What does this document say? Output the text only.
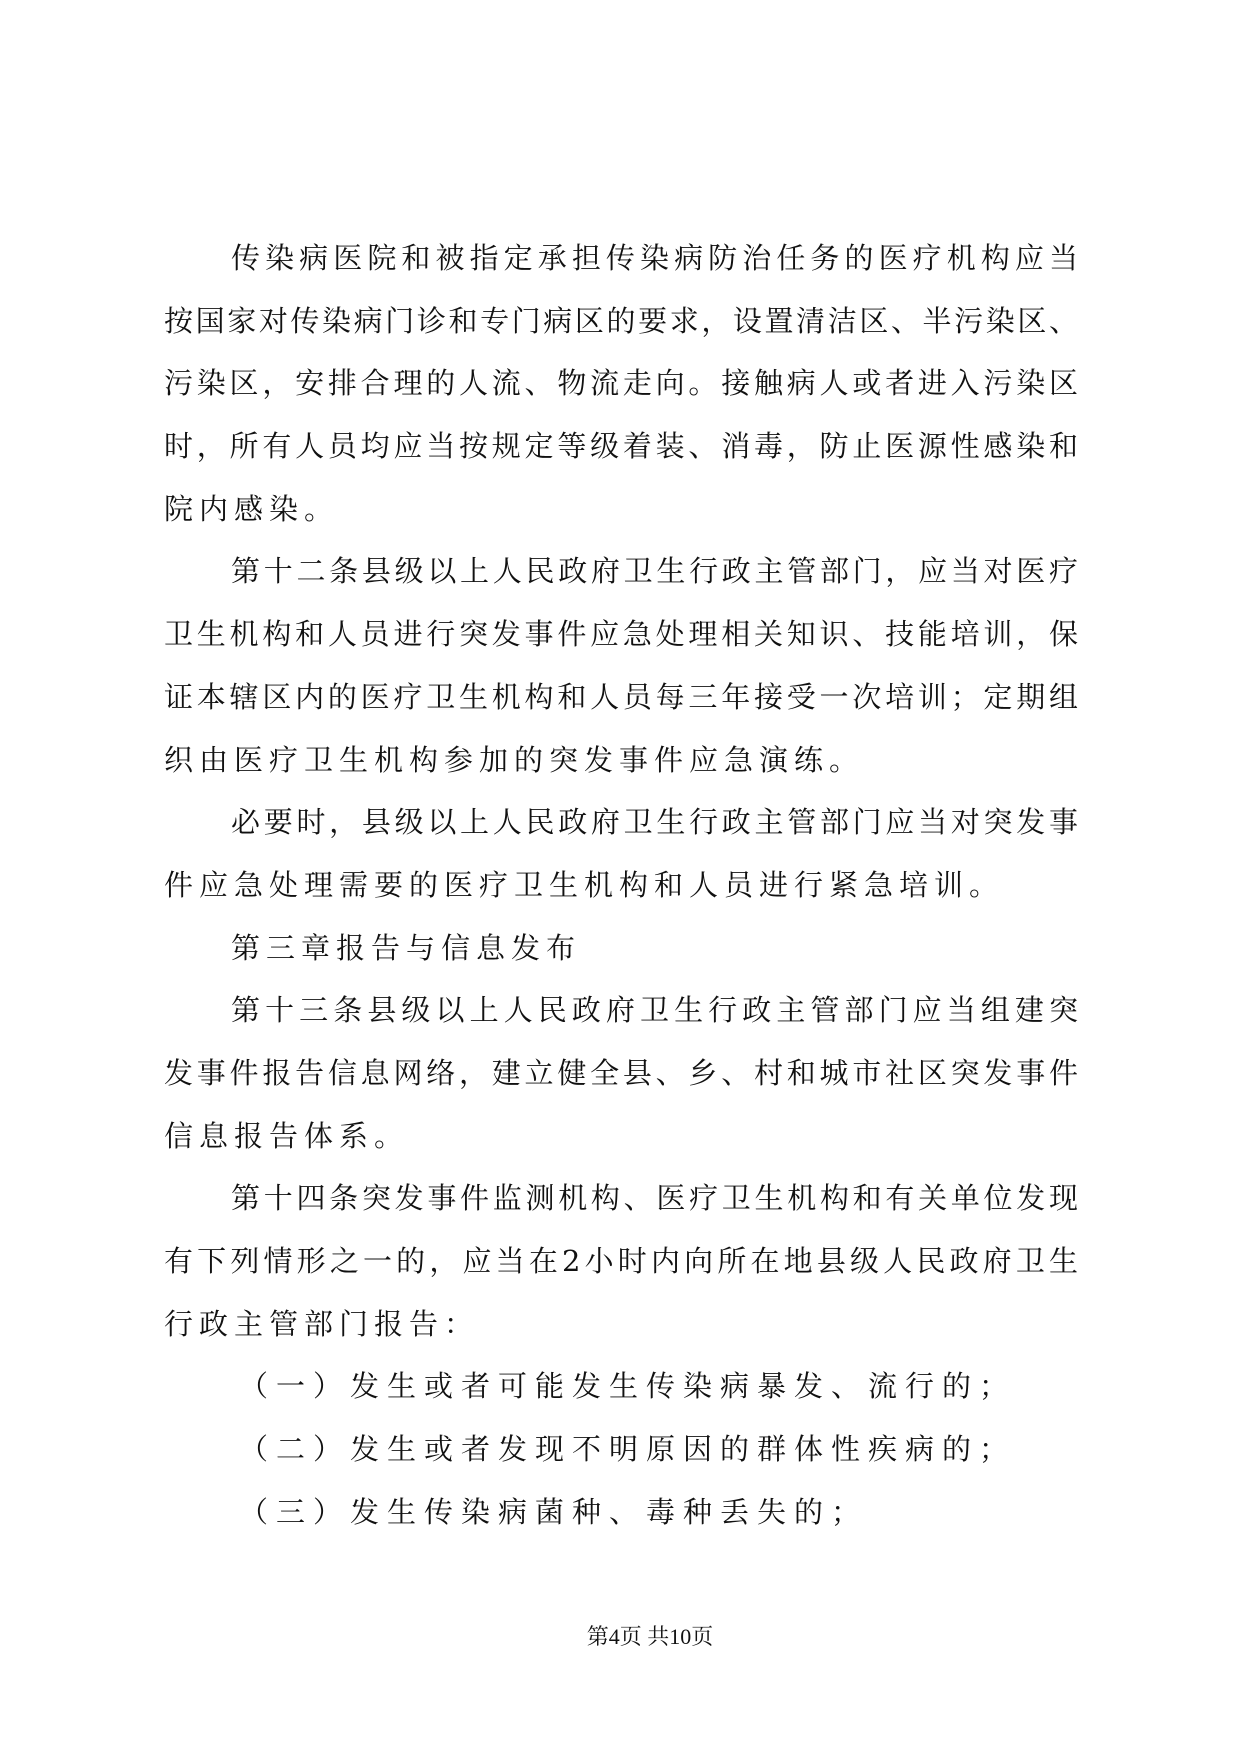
传染病医院和被指定承担传染病防治任务的医疗机构应当
按国家对传染病门诊和专门病区的要求，设置清洁区、半污染区、
污染区，安排合理的人流、物流走向。接触病人或者进入污染区
时，所有人员均应当按规定等级着装、消毒，防止医源性感染和
院内感染。
第十二条县级以上人民政府卫生行政主管部门，应当对医疗
卫生机构和人员进行突发事件应急处理相关知识、技能培训，保
证本辖区内的医疗卫生机构和人员每三年接受一次培训；定期组
织由医疗卫生机构参加的突发事件应急演练。
必要时，县级以上人民政府卫生行政主管部门应当对突发事
件应急处理需要的医疗卫生机构和人员进行紧急培训。
第三章报告与信息发布
第十三条县级以上人民政府卫生行政主管部门应当组建突
发事件报告信息网络，建立健全县、乡、村和城市社区突发事件
信息报告体系。
第十四条突发事件监测机构、医疗卫生机构和有关单位发现
有下列情形之一的，应当在2小时内向所在地县级人民政府卫生
行政主管部门报告：
（一）发生或者可能发生传染病暴发、流行的；
（二）发生或者发现不明原因的群体性疾病的；
（三）发生传染病菌种、毒种丢失的；
第4页 共10页
